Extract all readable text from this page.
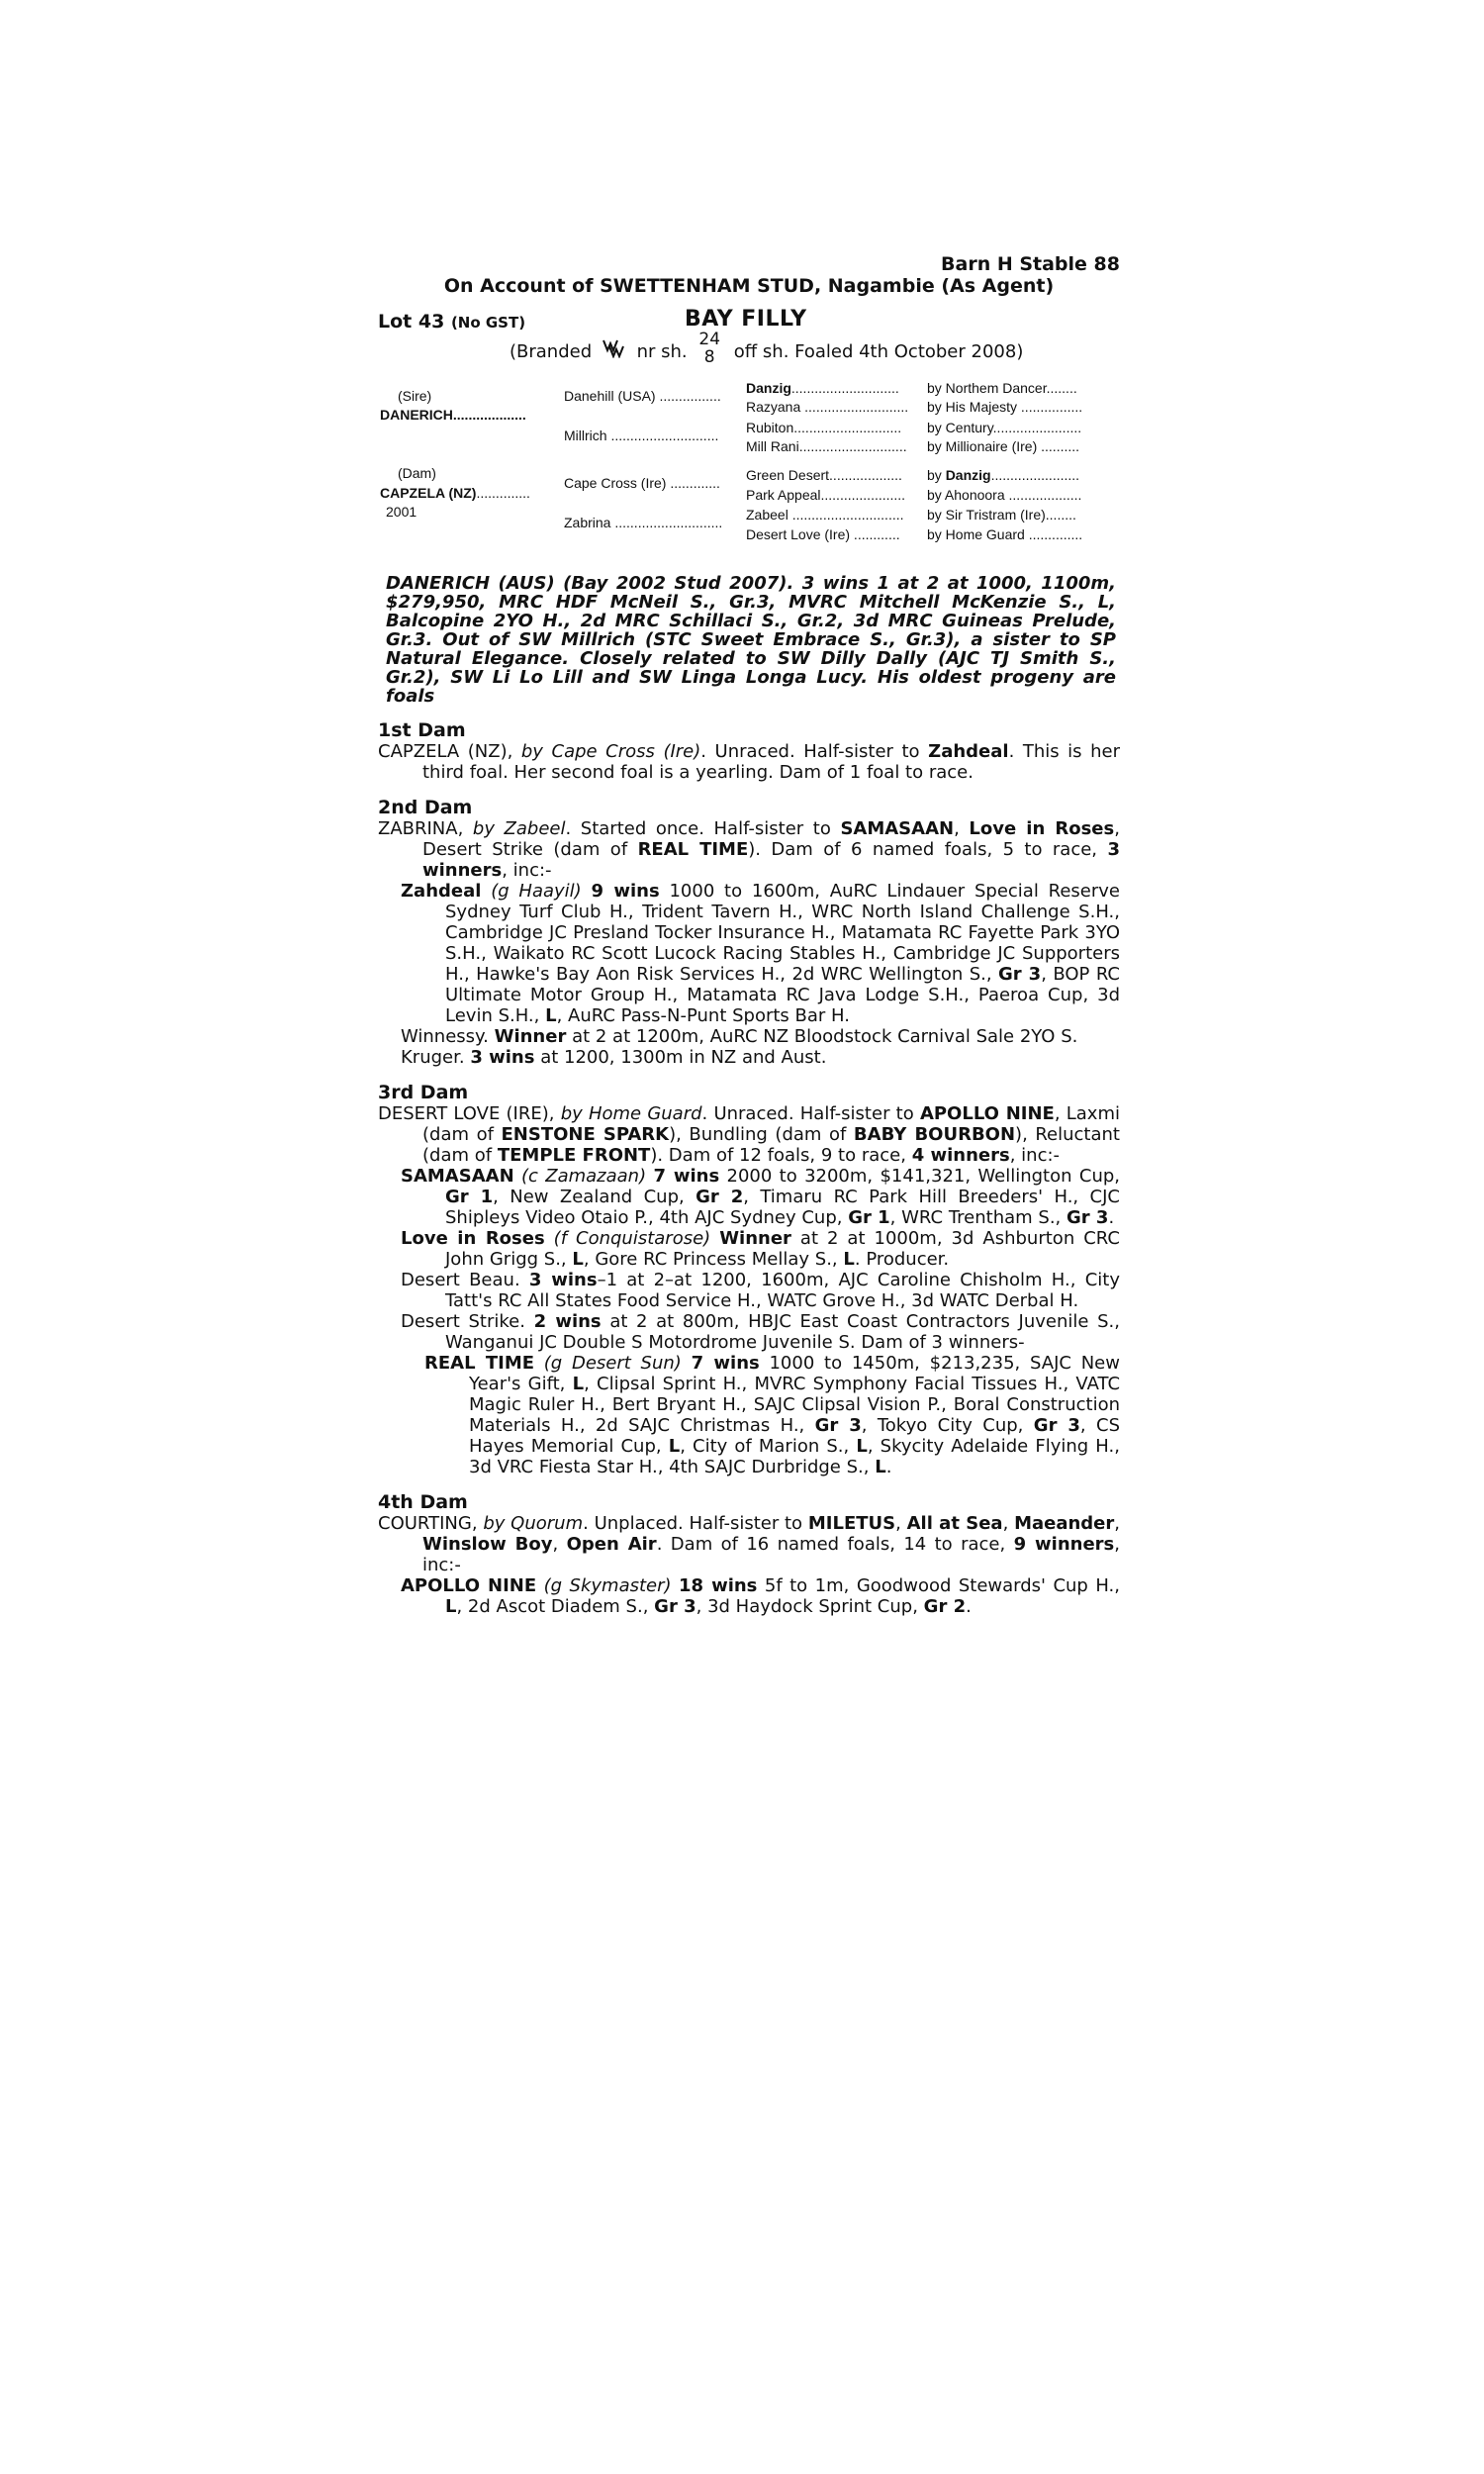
Barn H Stable 88
On Account of SWETTENHAM STUD, Nagambie (As Agent)
Lot 43 (No GST)	BAY FILLY
(Branded	nr sh. 24
8 off sh. Foaled 4th October 2008)
(Sire)
DANERICH...................
(Dam)
CAPZELA (NZ)..............
2001
Danehill (USA) ................
Millrich ............................
Cape Cross (Ire) .............
Zabrina ............................
Danzig............................
Razyana ...........................
Rubiton............................
Mill Rani............................
Green Desert...................
Park Appeal......................
Zabeel .............................
Desert Love (Ire) ............
by Northem Dancer........
by His Majesty ................
by Century.......................
by Millionaire (Ire) ..........
by Danzig.......................
by Ahonoora ...................
by Sir Tristram (Ire)........
by Home Guard ..............
DANERICH (AUS) (Bay 2002 Stud 2007). 3 wins 1 at 2 at 1000, 1100m, $279,950, MRC HDF McNeil S., Gr.3, MVRC Mitchell McKenzie S., L, Balcopine 2YO H., 2d MRC Schillaci S., Gr.2, 3d MRC Guineas Prelude, Gr.3. Out of SW Millrich (STC Sweet Embrace S., Gr.3), a sister to SP Natural Elegance. Closely related to SW Dilly Dally (AJC TJ Smith S., Gr.2), SW Li Lo Lill and SW Linga Longa Lucy. His oldest progeny are foals
1st Dam

CAPZELA (NZ), by Cape Cross (Ire). Unraced. Half-sister to Zahdeal. This is her third foal. Her second foal is a yearling. Dam of 1 foal to race.

2nd Dam

ZABRINA, by Zabeel. Started once. Half-sister to SAMASAAN, Love in Roses, Desert Strike (dam of REAL TIME). Dam of 6 named foals, 5 to race, 3 winners, inc:-

Zahdeal (g Haayil) 9 wins 1000 to 1600m, AuRC Lindauer Special Reserve Sydney Turf Club H., Trident Tavern H., WRC North Island Challenge S.H., Cambridge JC Presland Tocker Insurance H., Matamata RC Fayette Park 3YO S.H., Waikato RC Scott Lucock Racing Stables H., Cambridge JC Supporters H., Hawke's Bay Aon Risk Services H., 2d WRC Wellington S., Gr 3, BOP RC Ultimate Motor Group H., Matamata RC Java Lodge S.H., Paeroa Cup, 3d Levin S.H., L, AuRC Pass-N-Punt Sports Bar H.

Winnessy. Winner at 2 at 1200m, AuRC NZ Bloodstock Carnival Sale 2YO S.

Kruger. 3 wins at 1200, 1300m in NZ and Aust.

3rd Dam

DESERT LOVE (IRE), by Home Guard. Unraced. Half-sister to APOLLO NINE, Laxmi (dam of ENSTONE SPARK), Bundling (dam of BABY BOURBON), Reluctant (dam of TEMPLE FRONT). Dam of 12 foals, 9 to race, 4 winners, inc:-

SAMASAAN (c Zamazaan) 7 wins 2000 to 3200m, $141,321, Wellington Cup, Gr 1, New Zealand Cup, Gr 2, Timaru RC Park Hill Breeders' H., CJC Shipleys Video Otaio P., 4th AJC Sydney Cup, Gr 1, WRC Trentham S., Gr 3.

Love in Roses (f Conquistarose) Winner at 2 at 1000m, 3d Ashburton CRC John Grigg S., L, Gore RC Princess Mellay S., L. Producer.

Desert Beau. 3 wins–1 at 2–at 1200, 1600m, AJC Caroline Chisholm H., City Tatt's RC All States Food Service H., WATC Grove H., 3d WATC Derbal H.

Desert Strike. 2 wins at 2 at 800m, HBJC East Coast Contractors Juvenile S., Wanganui JC Double S Motordrome Juvenile S. Dam of 3 winners-

REAL TIME (g Desert Sun) 7 wins 1000 to 1450m, $213,235, SAJC New Year's Gift, L, Clipsal Sprint H., MVRC Symphony Facial Tissues H., VATC Magic Ruler H., Bert Bryant H., SAJC Clipsal Vision P., Boral Construction Materials H., 2d SAJC Christmas H., Gr 3, Tokyo City Cup, Gr 3, CS Hayes Memorial Cup, L, City of Marion S., L, Skycity Adelaide Flying H., 3d VRC Fiesta Star H., 4th SAJC Durbridge S., L.

4th Dam

COURTING, by Quorum. Unplaced. Half-sister to MILETUS, All at Sea, Maeander, Winslow Boy, Open Air. Dam of 16 named foals, 14 to race, 9 winners, inc:-

APOLLO NINE (g Skymaster) 18 wins 5f to 1m, Goodwood Stewards' Cup H., L, 2d Ascot Diadem S., Gr 3, 3d Haydock Sprint Cup, Gr 2.
